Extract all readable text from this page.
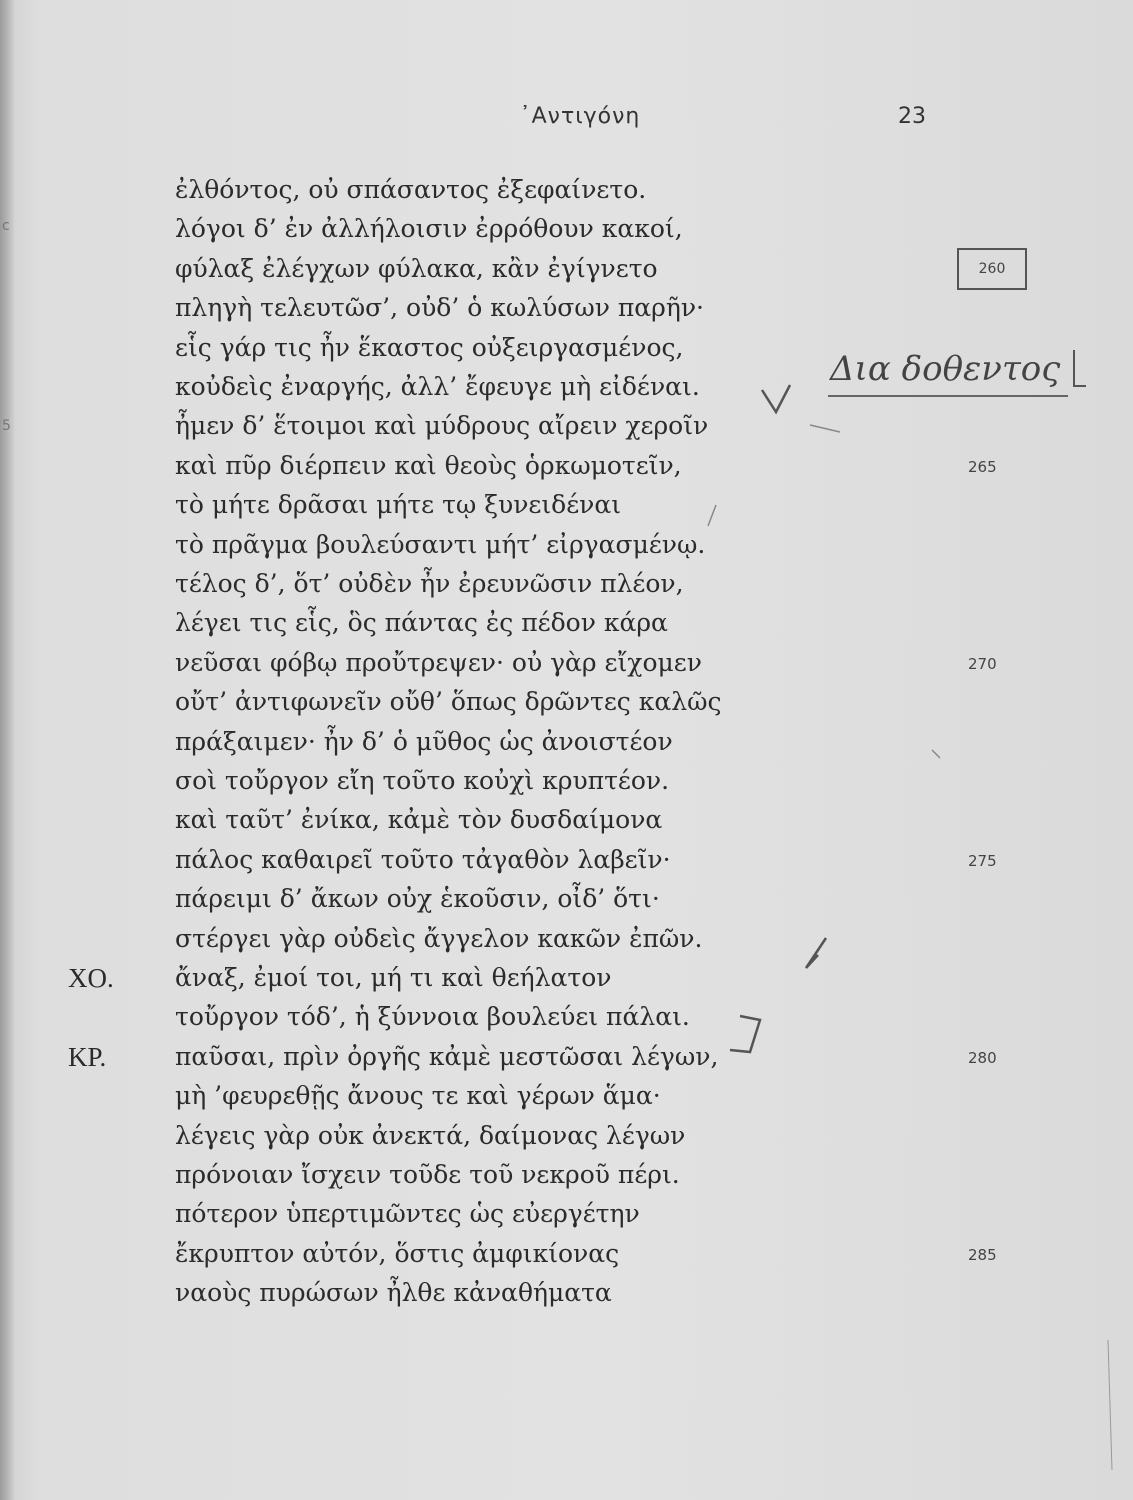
c
5
᾿Αντιγόνη	23
ἐλθόντος, οὐ σπάσαντος ἐξεφαίνετο.
λόγοι δ’ ἐν ἀλλήλοισιν ἐρρόθουν κακοί,
φύλαξ ἐλέγχων φύλακα, κἂν ἐγίγνετο
πληγὴ τελευτῶσ’, οὐδ’ ὁ κωλύσων παρῆν·
εἷς γάρ τις ἦν ἕκαστος οὐξειργασμένος,
κοὐδεὶς ἐναργής, ἀλλ’ ἔφευγε μὴ εἰδέναι.
ἦμεν δ’ ἕτοιμοι καὶ μύδρους αἴρειν χεροῖν
καὶ πῦρ διέρπειν καὶ θεοὺς ὁρκωμοτεῖν,	265
τὸ μήτε δρᾶσαι μήτε τῳ ξυνειδέναι
τὸ πρᾶγμα βουλεύσαντι μήτ’ εἰργασμένῳ.
τέλος δ’, ὅτ’ οὐδὲν ἦν ἐρευνῶσιν πλέον,
λέγει τις εἷς, ὃς πάντας ἐς πέδον κάρα
νεῦσαι φόβῳ προὔτρεψεν· οὐ γὰρ εἴχομεν	270
οὔτ’ ἀντιφωνεῖν οὔθ’ ὅπως δρῶντες καλῶς
πράξαιμεν· ἦν δ’ ὁ μῦθος ὡς ἀνοιστέον
σοὶ τοὔργον εἴη τοῦτο κοὐχὶ κρυπτέον.
καὶ ταῦτ’ ἐνίκα, κἀμὲ τὸν δυσδαίμονα
πάλος καθαιρεῖ τοῦτο τἀγαθὸν λαβεῖν·	275
πάρειμι δ’ ἄκων οὐχ ἑκοῦσιν, οἶδ’ ὅτι·
στέργει γὰρ οὐδεὶς ἄγγελον κακῶν ἐπῶν.
ἄναξ, ἐμοί τοι, μή τι καὶ θεήλατον
ΧΟ.
τοὔργον τόδ’, ἡ ξύννοια βουλεύει πάλαι.
παῦσαι, πρὶν ὀργῆς κἀμὲ μεστῶσαι λέγων,
ΚΡ.	280
μὴ ’φευρεθῇς ἄνους τε καὶ γέρων ἅμα·
λέγεις γὰρ οὐκ ἀνεκτά, δαίμονας λέγων
πρόνοιαν ἴσχειν τοῦδε τοῦ νεκροῦ πέρι.
πότερον ὑπερτιμῶντες ὡς εὐεργέτην
ἔκρυπτον αὐτόν, ὅστις ἀμφικίονας	285
ναοὺς πυρώσων ἦλθε κἀναθήματα
260
Δια δοθεντος
